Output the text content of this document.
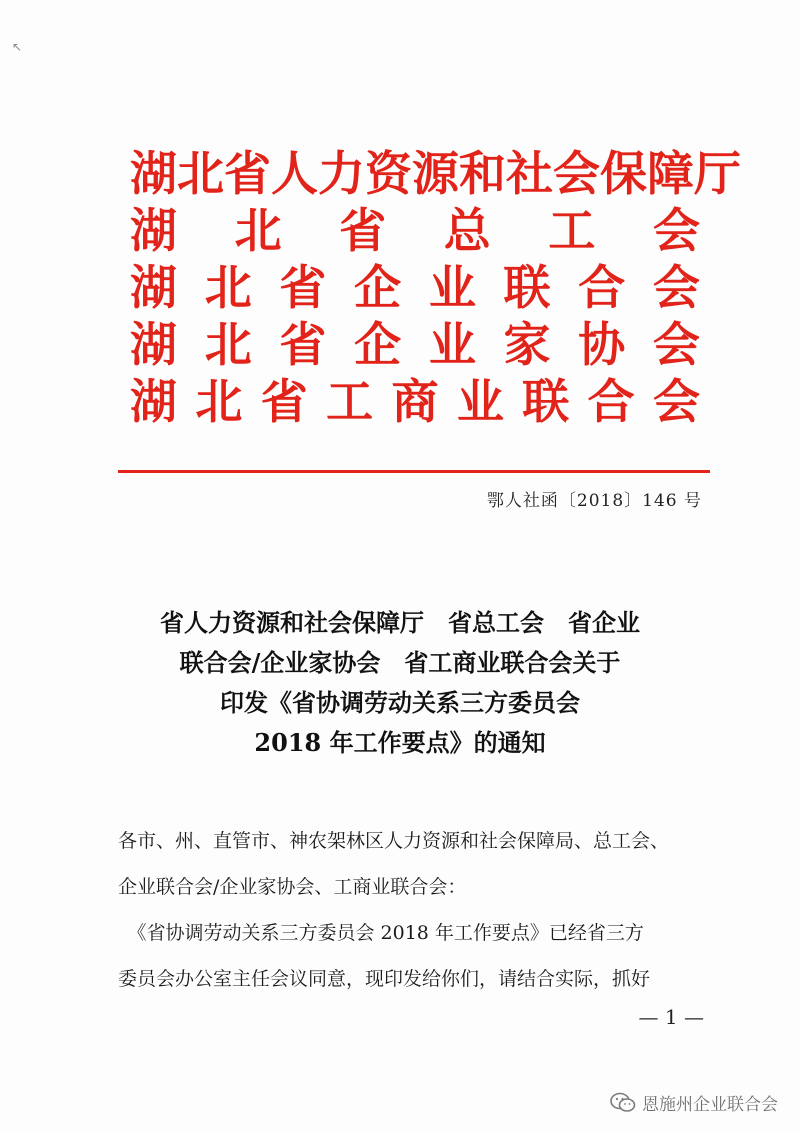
↖
湖 北 省 人 力 资 源 和 社 会 保 障 厅
湖 北 省 总 工 会
湖 北 省 企 业 联 合 会
湖 北 省 企 业 家 协 会
湖 北 省 工 商 业 联 合 会
鄂人社函〔2018〕146 号
省人力资源和社会保障厅　省总工会　省企业
联合会/企业家协会　省工商业联合会关于
印发《省协调劳动关系三方委员会
2018 年工作要点》的通知
各市、州、直管市、神农架林区人力资源和社会保障局、总工会、
企业联合会/企业家协会、工商业联合会：
　《省协调劳动关系三方委员会 2018 年工作要点》已经省三方
委员会办公室主任会议同意，现印发给你们，请结合实际，抓好
— 1 —
恩施州企业联合会
